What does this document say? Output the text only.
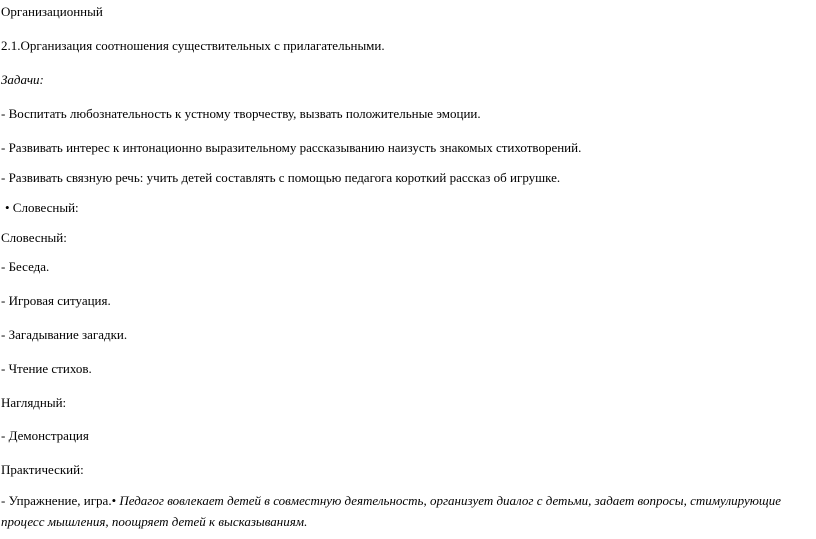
Организационный
2.1.Организация соотношения существительных с прилагательными.
Задачи:
- Воспитать любознательность к устному творчеству, вызвать положительные эмоции.
- Развивать интерес к интонационно выразительному рассказыванию наизусть знакомых стихотворений.
- Развивать связную речь: учить детей составлять с помощью педагога короткий рассказ об игрушке.
• Словесный:
Словесный:
- Беседа.
- Игровая ситуация.
- Загадывание загадки.
- Чтение стихов.
Наглядный:
- Демонстрация
Практический:
- Упражнение, игра.• Педагог вовлекает детей в совместную деятельность, организует диалог с детьми, задает вопросы, стимулирующие процесс мышления, поощряет детей к высказываниям.
